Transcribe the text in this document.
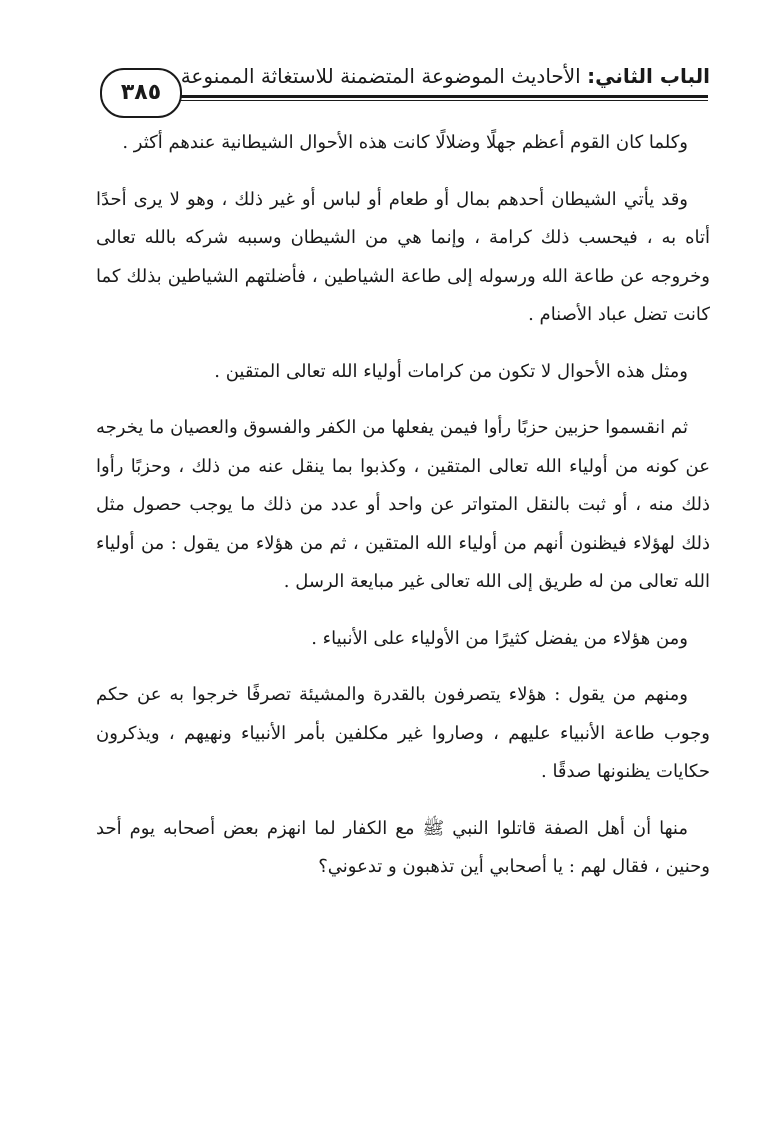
الباب الثاني: الأحاديث الموضوعة المتضمنة للاستغاثة الممنوعة
٣٨٥

وكلما كان القوم أعظم جهلًا وضلالًا كانت هذه الأحوال الشيطانية عندهم أكثر .

وقد يأتي الشيطان أحدهم بمال أو طعام أو لباس أو غير ذلك ، وهو لا يرى أحدًا أتاه به ، فيحسب ذلك كرامة ، وإنما هي من الشيطان وسببه شركه بالله تعالى وخروجه عن طاعة الله ورسوله إلى طاعة الشياطين ، فأضلتهم الشياطين بذلك كما كانت تضل عباد الأصنام .

ومثل هذه الأحوال لا تكون من كرامات أولياء الله تعالى المتقين .

ثم انقسموا حزبين حزبًا رأوا فيمن يفعلها من الكفر والفسوق والعصيان ما يخرجه عن كونه من أولياء الله تعالى المتقين ، وكذبوا بما ينقل عنه من ذلك ، وحزبًا رأوا ذلك منه ، أو ثبت بالنقل المتواتر عن واحد أو عدد من ذلك ما يوجب حصول مثل ذلك لهؤلاء فيظنون أنهم من أولياء الله المتقين ، ثم من هؤلاء من يقول : من أولياء الله تعالى من له طريق إلى الله تعالى غير مبايعة الرسل .

ومن هؤلاء من يفضل كثيرًا من الأولياء على الأنبياء .

ومنهم من يقول : هؤلاء يتصرفون بالقدرة والمشيئة تصرفًا خرجوا به عن حكم وجوب طاعة الأنبياء عليهم ، وصاروا غير مكلفين بأمر الأنبياء ونهيهم ، ويذكرون حكايات يظنونها صدقًا .

منها أن أهل الصفة قاتلوا النبي ﷺ مع الكفار لما انهزم بعض أصحابه يوم أحد وحنين ، فقال لهم : يا أصحابي أين تذهبون و تدعوني؟
